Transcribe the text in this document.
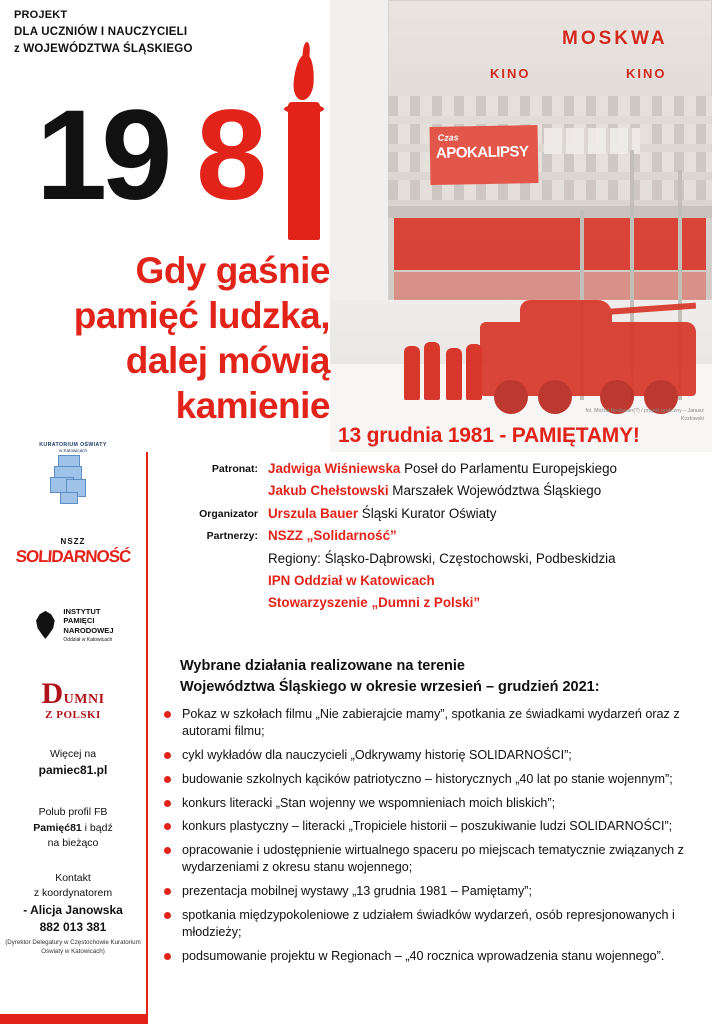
PROJEKT
DLA UCZNIÓW I NAUCZYCIELI
z WOJEWÓDZTWA ŚLĄSKIEGO	MOSKWA
KINO	KINO
Czas
APOKALIPSY
fot. Michał Neubauer(?) / projekt graficzny – Janusz Kozłowski
19 8
Gdy gaśnie
pamięć ludzka,
dalej mówią
kamienie
13 grudnia 1981 - PAMIĘTAMY!
Patronat: Jadwiga Wiśniewska Poseł do Parlamentu Europejskiego
Jakub Chełstowski Marszałek Województwa Śląskiego
Organizator Urszula Bauer Śląski Kurator Oświaty
Partnerzy: NSZZ „Solidarność”
Regiony: Śląsko-Dąbrowski, Częstochowski, Podbeskidzia
IPN Oddział w Katowicach
Stowarzyszenie „Dumni z Polski”
Wybrane działania realizowane na terenie
Województwa Śląskiego w okresie wrzesień – grudzień 2021:
Pokaz w szkołach filmu „Nie zabierajcie mamy”, spotkania ze świadkami wydarzeń oraz z autorami filmu;
cykl wykładów dla nauczycieli „Odkrywamy historię SOLIDARNOŚCI”;
budowanie szkolnych kącików patriotyczno – historycznych „40 lat po stanie wojennym”;
konkurs literacki „Stan wojenny we wspomnieniach moich bliskich”;
konkurs plastyczny – literacki „Tropiciele historii – poszukiwanie ludzi SOLIDARNOŚCI”;
opracowanie i udostępnienie wirtualnego spaceru po miejscach tematycznie związanych z wydarzeniami z okresu stanu wojennego;
prezentacja mobilnej wystawy „13 grudnia 1981 – Pamiętamy”;
spotkania międzypokoleniowe z udziałem świadków wydarzeń, osób represjonowanych i młodzieży;
podsumowanie projektu w Regionach – „40 rocznica wprowadzenia stanu wojennego”.
KURATORIUM OŚWIATY
w Katowicach
NSZZ
SOLIDARNOŚĆ
INSTYTUT
PAMIĘCI
NARODOWEJ
Oddział w Katowicach
DUMNI
Z POLSKI
Więcej na
pamiec81.pl
Polub profil FB
Pamięć81 i bądź
na bieżąco
Kontakt
z koordynatorem
- Alicja Janowska
882 013 381
(Dyrektor Delegatury w Częstochowie Kuratorium Oświaty w Katowicach)
